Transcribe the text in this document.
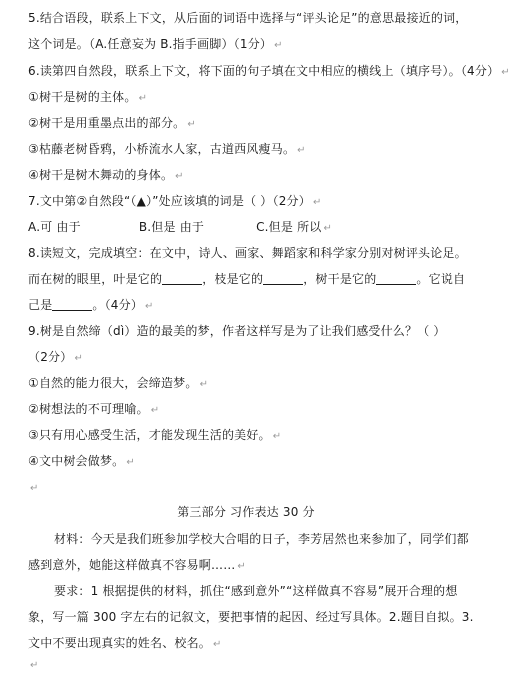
5.结合语段，联系上下文，从后面的词语中选择与“评头论足”的意思最接近的词，
这个词是。（A.任意妄为 B.指手画脚）（1分） ↵
6.读第四自然段，联系上下文，将下面的句子填在文中相应的横线上（填序号）。（4分） ↵
①树干是树的主体。 ↵
②树干是用重墨点出的部分。 ↵
③枯藤老树昏鸦，小桥流水人家，古道西风瘦马。 ↵
④树干是树木舞动的身体。 ↵
7.文中第②自然段“（▲）”处应该填的词是（ ）（2分） ↵
A.可 由于	B.但是 由于	C.但是 所以 ↵
8.读短文，完成填空：在文中，诗人、画家、舞蹈家和科学家分别对树评头论足。
而在树的眼里，叶是它的	，枝是它的	，树干是它的	。它说自
己是	。（4分） ↵
9.树是自然缔（dì）造的最美的梦，作者这样写是为了让我们感受什么？（ ）
（2分） ↵
①自然的能力很大，会缔造梦。 ↵
②树想法的不可理喻。 ↵
③只有用心感受生活，才能发现生活的美好。 ↵
④文中树会做梦。 ↵
↵
第三部分 习作表达 30 分
材料：今天是我们班参加学校大合唱的日子，李芳居然也来参加了，同学们都
感到意外，她能这样做真不容易啊…… ↵
要求：1 根据提供的材料，抓住“感到意外”“这样做真不容易”展开合理的想
象，写一篇 300 字左右的记叙文，要把事情的起因、经过写具体。2.题目自拟。3.
文中不要出现真实的姓名、校名。 ↵
↵
